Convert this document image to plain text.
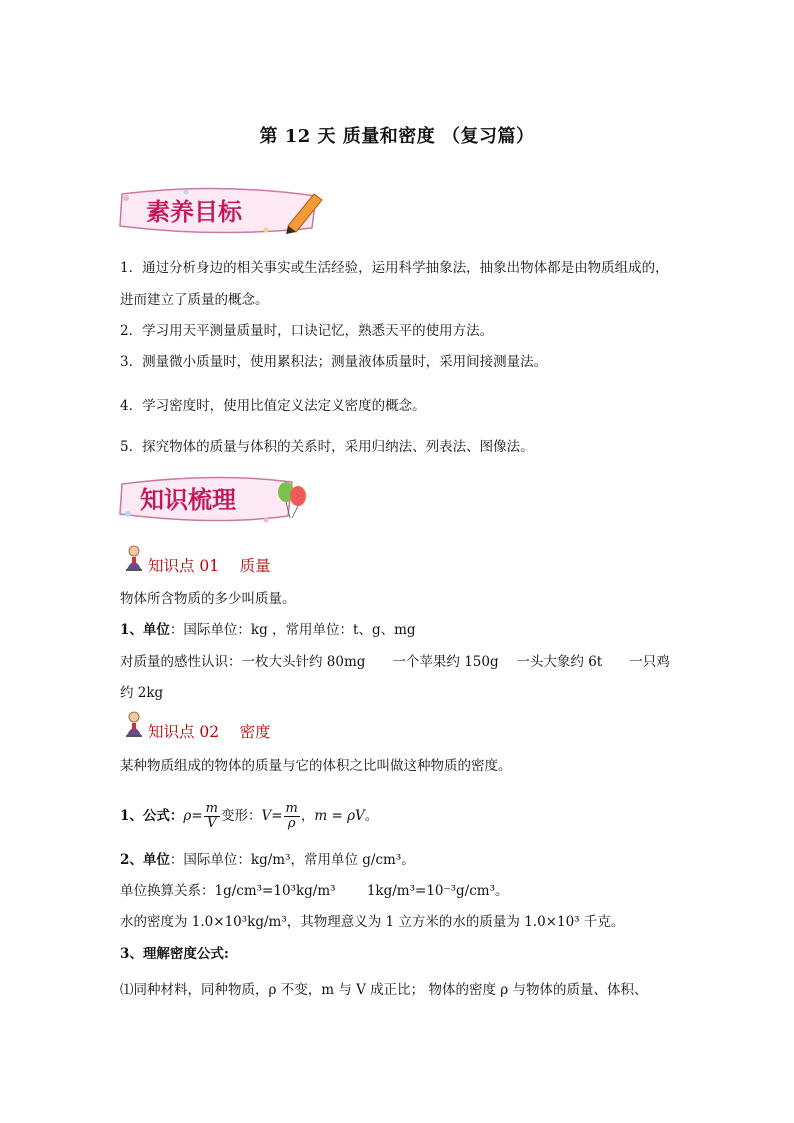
第 12 天 质量和密度 （复习篇）
素养目标
1．通过分析身边的相关事实或生活经验，运用科学抽象法，抽象出物体都是由物质组成的，
进而建立了质量的概念。
2．学习用天平测量质量时，口诀记忆，熟悉天平的使用方法。
3．测量微小质量时，使用累积法；测量液体质量时，采用间接测量法。
4．学习密度时，使用比值定义法定义密度的概念。
5．探究物体的质量与体积的关系时，采用归纳法、列表法、图像法。
知识梳理
知识点 01　 质量
物体所含物质的多少叫质量。
1、单位：国际单位：kg ，常用单位：t、g、mg
对质量的感性认识：一枚大头针约 80mg　　一个苹果约 150g　 一头大象约 6t　　一只鸡
约 2kg
知识点 02　 密度
某种物质组成的物体的质量与它的体积之比叫做这种物质的密度。
1、公式 ： $\rho = \frac{m}{V}$ 变形： $V = \frac{m}{\rho}$ ， m = ρV 。
2、单位：国际单位：kg/m³，常用单位 g/cm³。
单位换算关系：1g/cm³=10³kg/m³　　 1kg/m³=10⁻³g/cm³。
水的密度为 1.0×10³kg/m³，其物理意义为 1 立方米的水的质量为 1.0×10³ 千克。
3、理解密度公式:
⑴同种材料，同种物质，ρ 不变，m 与 V 成正比； 物体的密度 ρ 与物体的质量、体积、
